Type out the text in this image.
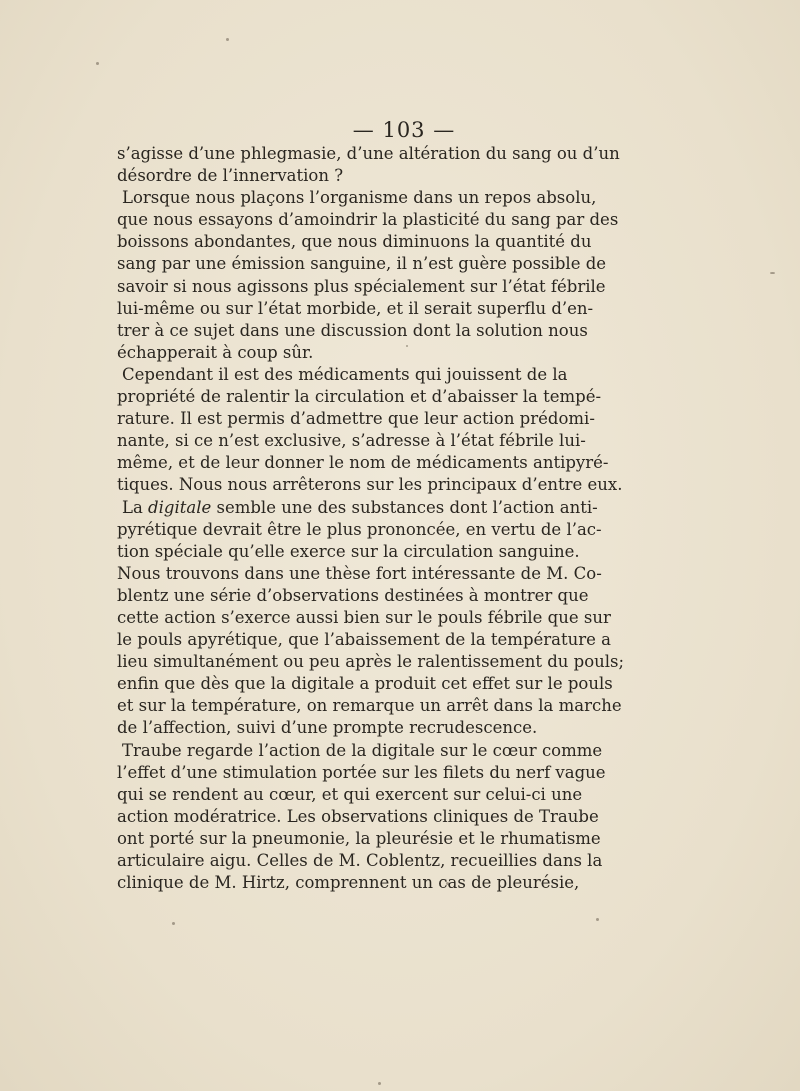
— 103 —
s’agisse d’une phlegmasie, d’une altération du sang ou d’un
désordre de l’innervation ?
Lorsque nous plaçons l’organisme dans un repos absolu,
que nous essayons d’amoindrir la plasticité du sang par des
boissons abondantes, que nous diminuons la quantité du
sang par une émission sanguine, il n’est guère possible de
savoir si nous agissons plus spécialement sur l’état fébrile
lui-même ou sur l’état morbide, et il serait superflu d’en-
trer à ce sujet dans une discussion dont la solution nous
échapperait à coup sûr.
Cependant il est des médicaments qui jouissent de la
propriété de ralentir la circulation et d’abaisser la tempé-
rature. Il est permis d’admettre que leur action prédomi-
nante, si ce n’est exclusive, s’adresse à l’état fébrile lui-
même, et de leur donner le nom de médicaments antipyré-
tiques. Nous nous arrêterons sur les principaux d’entre eux.
La digitale semble une des substances dont l’action anti-
pyrétique devrait être le plus prononcée, en vertu de l’ac-
tion spéciale qu’elle exerce sur la circulation sanguine.
Nous trouvons dans une thèse fort intéressante de M. Co-
blentz une série d’observations destinées à montrer que
cette action s’exerce aussi bien sur le pouls fébrile que sur
le pouls apyrétique, que l’abaissement de la température a
lieu simultanément ou peu après le ralentissement du pouls;
enfin que dès que la digitale a produit cet effet sur le pouls
et sur la température, on remarque un arrêt dans la marche
de l’affection, suivi d’une prompte recrudescence.
Traube regarde l’action de la digitale sur le cœur comme
l’effet d’une stimulation portée sur les filets du nerf vague
qui se rendent au cœur, et qui exercent sur celui-ci une
action modératrice. Les observations cliniques de Traube
ont porté sur la pneumonie, la pleurésie et le rhumatisme
articulaire aigu. Celles de M. Coblentz, recueillies dans la
clinique de M. Hirtz, comprennent un cas de pleurésie,
